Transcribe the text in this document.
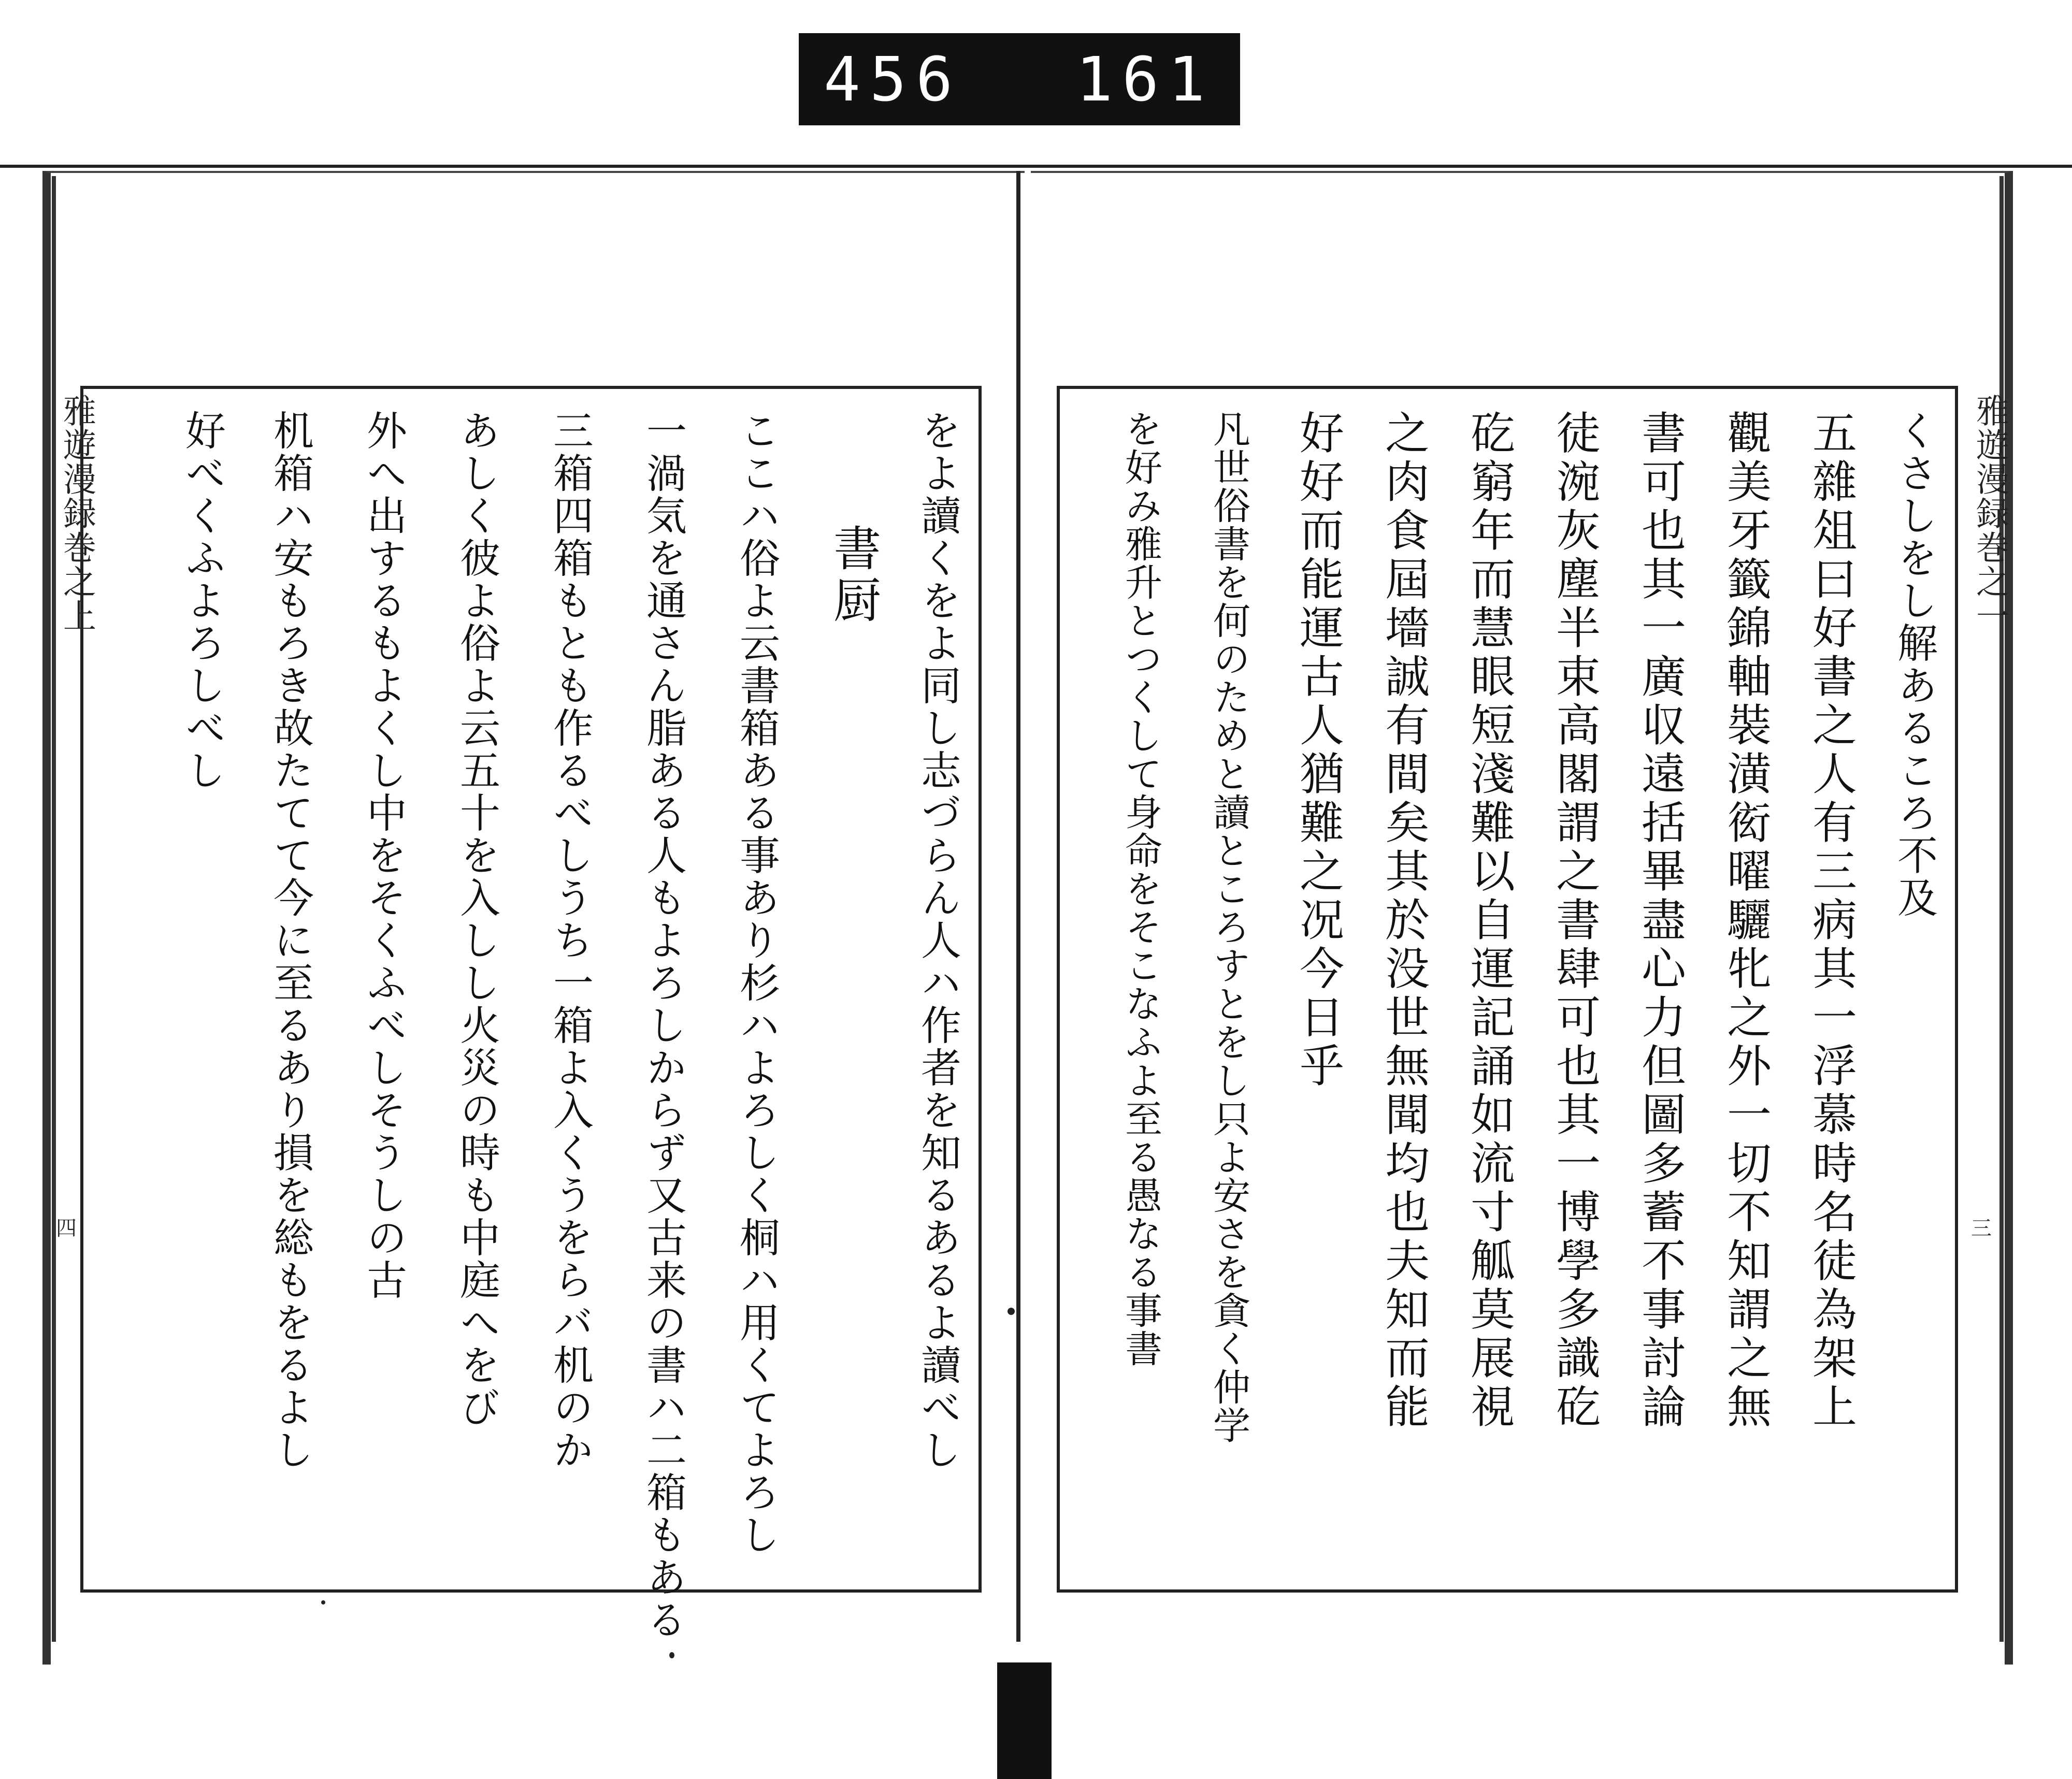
456 161
雅遊漫録巻之上
四
雅遊漫録巻之一
三
をよ讀くをよ同し志づらん人ハ作者を知るあるよ讀べし
書厨
ここハ俗よ云書箱ある事あり杉ハよろしく桐ハ用くてよろし
一渦気を通さん脂ある人もよろしからず又古来の書ハ二箱もある
三箱四箱もとも作るべしうち一箱よ入くうをらバ机のか
あしく彼よ俗よ云五十を入しし火災の時も中庭へをび
外へ出するもよくし中をそくふべしそうしの古
机箱ハ安もろき故たてて今に至るあり損を総もをるよし
好べくふよろしべし	くさしをし解あるころ不及
五雜俎曰好書之人有三病其一浮慕時名徒為架上
觀美牙籤錦軸裝潢衒曜驪牝之外一切不知謂之無
書可也其一廣収遠括畢盡心力但圖多蓄不事討論
徒涴灰塵半束高閣謂之書肆可也其一博學多識矻
矻窮年而慧眼短淺難以自運記誦如流寸觚莫展視
之肉食屆墻誠有間矣其於没世無聞均也夫知而能
好好而能運古人猶難之况今日乎
凡世俗書を何のためと讀ところすとをし只よ安さを貪く仲学
を好み雅升とつくして身命をそこなふよ至る愚なる事書
